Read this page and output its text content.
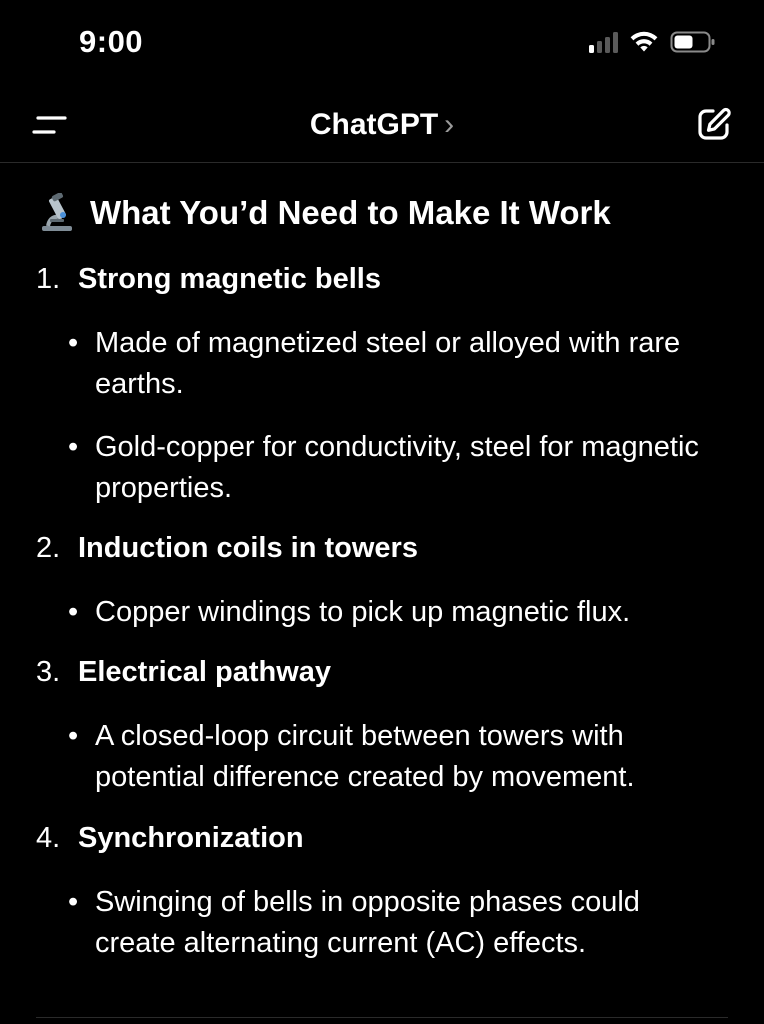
9:00
ChatGPT ›
What You’d Need to Make It Work
1. Strong magnetic bells
• Made of magnetized steel or alloyed with rare earths.
• Gold-copper for conductivity, steel for magnetic properties.
2. Induction coils in towers
• Copper windings to pick up magnetic flux.
3. Electrical pathway
• A closed-loop circuit between towers with potential difference created by movement.
4. Synchronization
• Swinging of bells in opposite phases could create alternating current (AC) effects.
